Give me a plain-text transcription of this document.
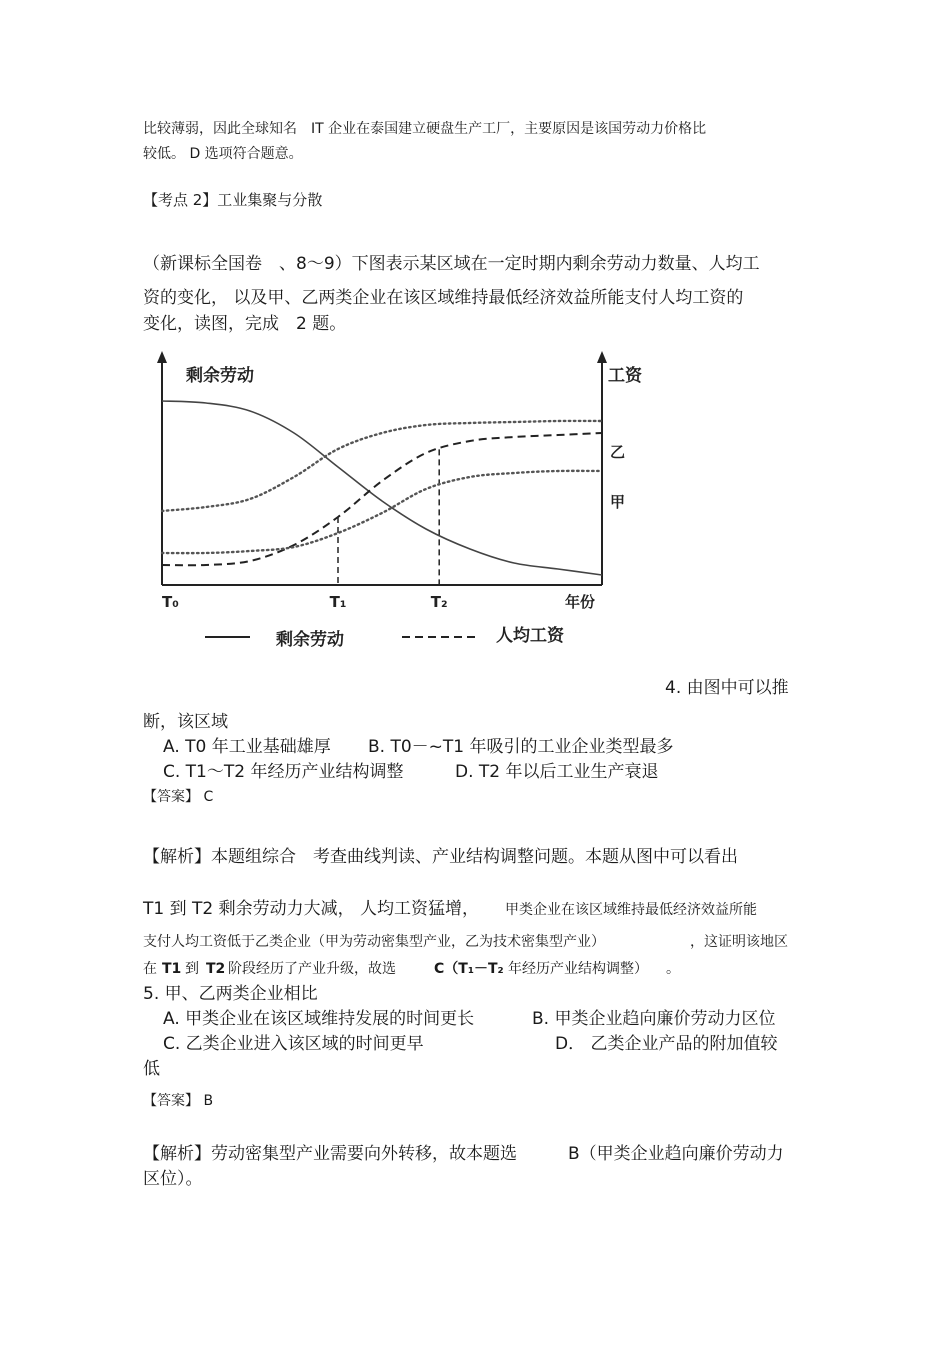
比较薄弱，因此全球知名　IT 企业在泰国建立硬盘生产工厂，主要原因是该国劳动力价格比
较低。 D 选项符合题意。
【考点 2】工业集聚与分散
（新课标全国卷　、8～9）下图表示某区域在一定时期内剩余劳动力数量、人均工
资的变化， 以及甲、乙两类企业在该区域维持最低经济效益所能支付人均工资的
变化，读图，完成　2 题。
剩余劳动	工资
乙
甲
T₀	T₁	T₂	年份
剩余劳动	人均工资
4. 由图中可以推
断，该区域
A. T0 年工业基础雄厚 B. T0－~T1 年吸引的工业企业类型最多
C. T1～T2 年经历产业结构调整	D. T2 年以后工业生产衰退
【答案】 C
【解析】本题组综合　考查曲线判读、产业结构调整问题。本题从图中可以看出
T1 到 T2 剩余劳动力大减， 人均工资猛增， 甲类企业在该区域维持最低经济效益所能
支付人均工资低于乙类企业（甲为劳动密集型产业，乙为技术密集型产业）	，这证明该地区
在 T1 到 T2 阶段经历了产业升级，故选	C（T₁－T₂ 年经历产业结构调整） 。
5. 甲、乙两类企业相比
A. 甲类企业在该区域维持发展的时间更长	B. 甲类企业趋向廉价劳动力区位
C. 乙类企业进入该区域的时间更早	D． 乙类企业产品的附加值较
低
【答案】 B
【解析】劳动密集型产业需要向外转移，故本题选	B（甲类企业趋向廉价劳动力
区位）。
